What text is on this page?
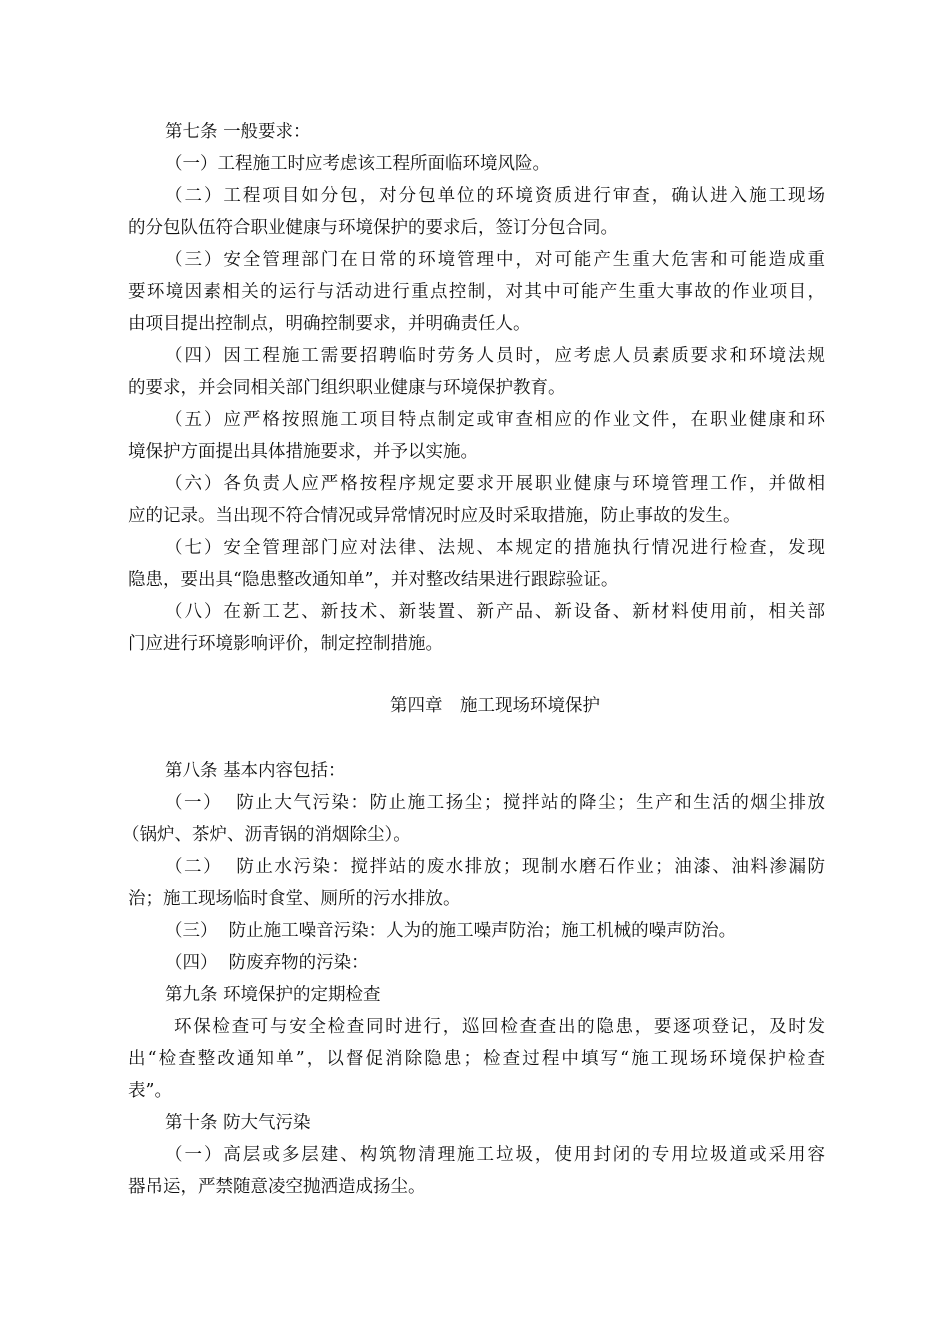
第七条 一般要求：
（一）工程施工时应考虑该工程所面临环境风险。
（二）工程项目如分包，对分包单位的环境资质进行审查，确认进入施工现场
的分包队伍符合职业健康与环境保护的要求后，签订分包合同。
（三）安全管理部门在日常的环境管理中，对可能产生重大危害和可能造成重
要环境因素相关的运行与活动进行重点控制，对其中可能产生重大事故的作业项目，
由项目提出控制点，明确控制要求，并明确责任人。
（四）因工程施工需要招聘临时劳务人员时，应考虑人员素质要求和环境法规
的要求，并会同相关部门组织职业健康与环境保护教育。
（五）应严格按照施工项目特点制定或审查相应的作业文件，在职业健康和环
境保护方面提出具体措施要求，并予以实施。
（六）各负责人应严格按程序规定要求开展职业健康与环境管理工作，并做相
应的记录。当出现不符合情况或异常情况时应及时采取措施，防止事故的发生。
（七）安全管理部门应对法律、法规、本规定的措施执行情况进行检查，发现
隐患，要出具“隐患整改通知单”，并对整改结果进行跟踪验证。
（八）在新工艺、新技术、新装置、新产品、新设备、新材料使用前，相关部
门应进行环境影响评价，制定控制措施。
第四章　施工现场环境保护
第八条 基本内容包括：
（一）  防止大气污染：防止施工扬尘；搅拌站的降尘；生产和生活的烟尘排放
（锅炉、茶炉、沥青锅的消烟除尘）。
（二）  防止水污染：搅拌站的废水排放；现制水磨石作业；油漆、油料渗漏防
治；施工现场临时食堂、厕所的污水排放。
（三）  防止施工噪音污染：人为的施工噪声防治；施工机械的噪声防治。
（四）  防废弃物的污染：
第九条 环境保护的定期检查
环保检查可与安全检查同时进行，巡回检查查出的隐患，要逐项登记，及时发
出“检查整改通知单”，以督促消除隐患；检查过程中填写“施工现场环境保护检查
表”。
第十条 防大气污染
（一）高层或多层建、构筑物清理施工垃圾，使用封闭的专用垃圾道或采用容
器吊运，严禁随意凌空抛洒造成扬尘。
